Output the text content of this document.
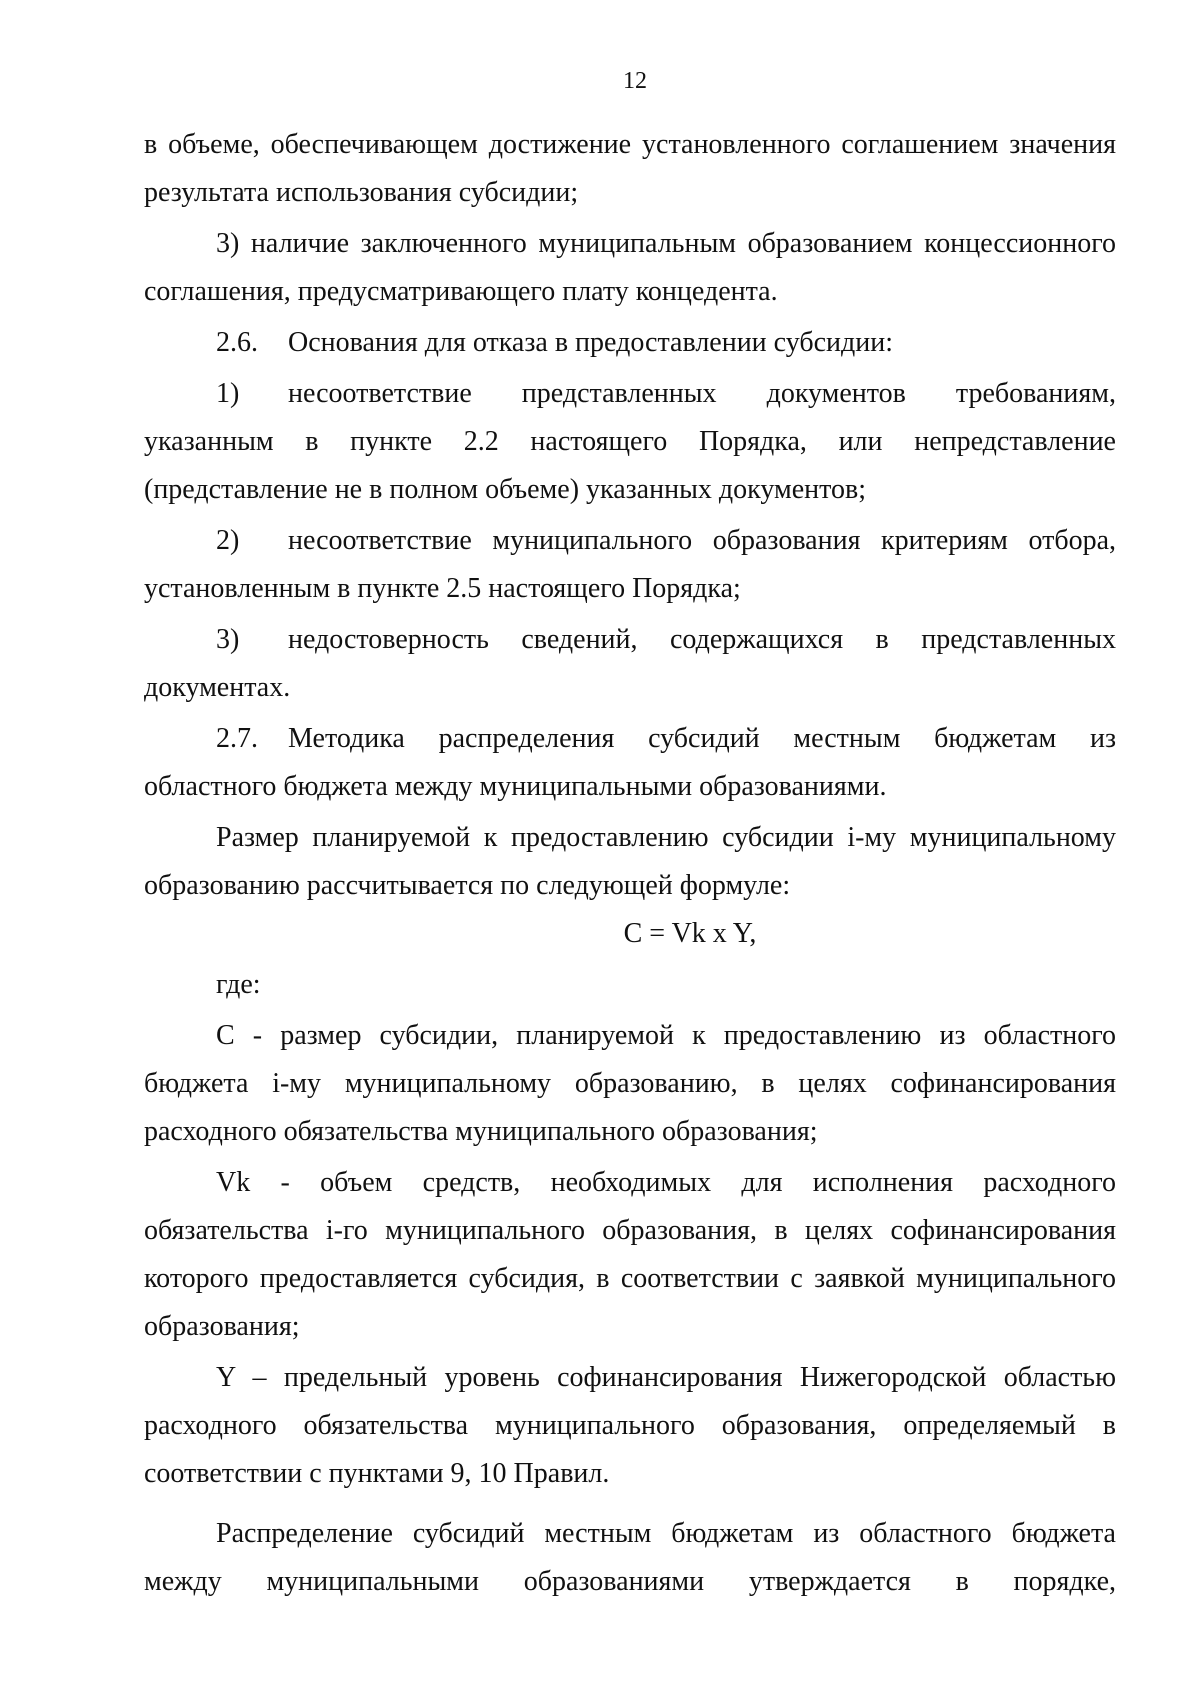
12

в объеме, обеспечивающем достижение установленного соглашением значения результата использования субсидии;

3) наличие заключенного муниципальным образованием концессионного соглашения, предусматривающего плату концедента.

2.6. Основания для отказа в предоставлении субсидии:

1) несоответствие представленных документов требованиям, указанным в пункте 2.2 настоящего Порядка, или непредставление (представление не в полном объеме) указанных документов;

2) несоответствие муниципального образования критериям отбора, установленным в пункте 2.5 настоящего Порядка;

3) недостоверность сведений, содержащихся в представленных документах.

2.7. Методика распределения субсидий местным бюджетам из областного бюджета между муниципальными образованиями.

Размер планируемой к предоставлению субсидии i-му муниципальному образованию рассчитывается по следующей формуле:

C = Vk x Y,

где:

C - размер субсидии, планируемой к предоставлению из областного бюджета i-му муниципальному образованию, в целях софинансирования расходного обязательства муниципального образования;

Vk - объем средств, необходимых для исполнения расходного обязательства i-го муниципального образования, в целях софинансирования которого предоставляется субсидия, в соответствии с заявкой муниципального образования;

Y – предельный уровень софинансирования Нижегородской областью расходного обязательства муниципального образования, определяемый в соответствии с пунктами 9, 10 Правил.

Распределение субсидий местным бюджетам из областного бюджета между муниципальными образованиями утверждается в порядке,
